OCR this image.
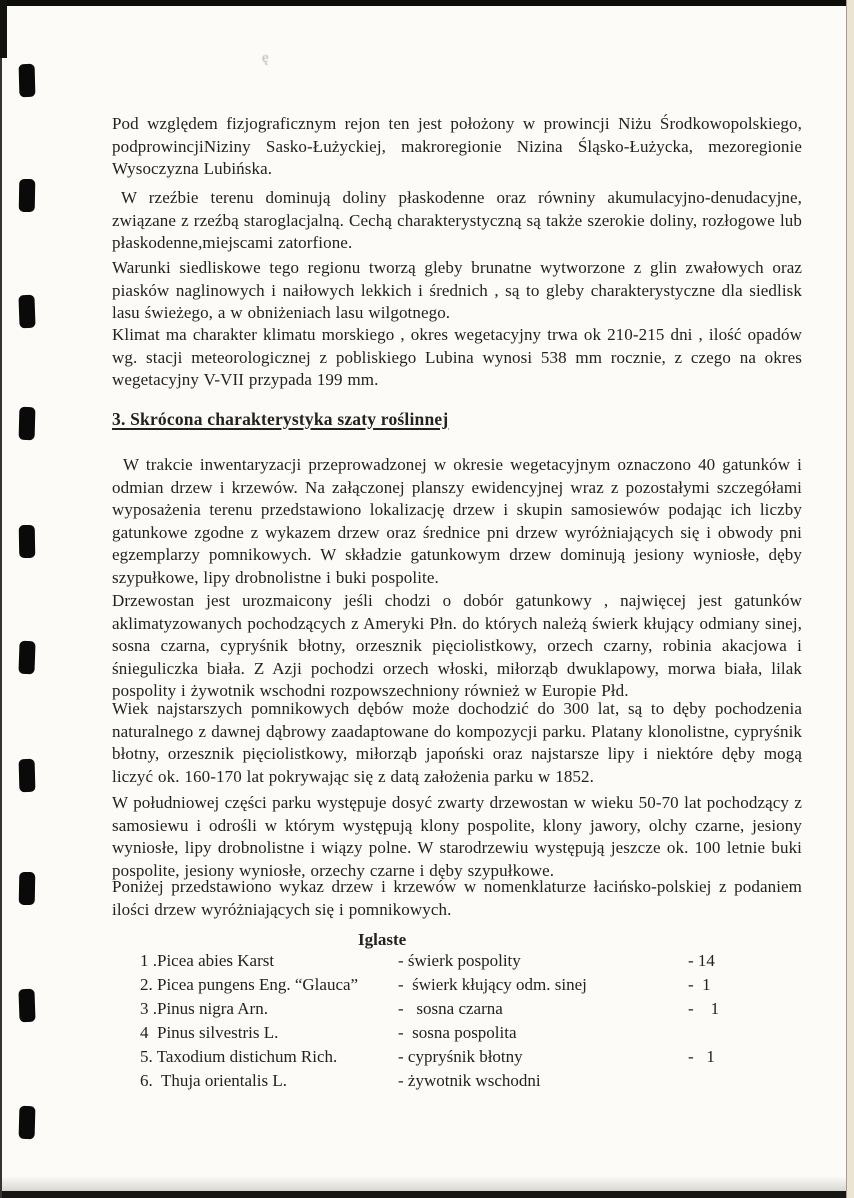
ę

Pod względem fizjograficznym rejon ten jest położony w prowincji Niżu Środkowopolskiego, podprowincjiNiziny Sasko-Łużyckiej, makroregionie Nizina Śląsko-Łużycka, mezoregionie Wysoczyzna Lubińska.

W rzeźbie terenu dominują doliny płaskodenne oraz równiny akumulacyjno-denudacyjne, związane z rzeźbą staroglacjalną. Cechą charakterystyczną są także szerokie doliny, rozłogowe lub płaskodenne,miejscami zatorfione.

Warunki siedliskowe tego regionu tworzą gleby brunatne wytworzone z glin zwałowych oraz piasków naglinowych i naiłowych lekkich i średnich , są to gleby charakterystyczne dla siedlisk lasu świeżego, a w obniżeniach lasu wilgotnego.

Klimat ma charakter klimatu morskiego , okres wegetacyjny trwa ok 210-215 dni , ilość opadów wg. stacji meteorologicznej z pobliskiego Lubina wynosi 538 mm rocznie, z czego na okres wegetacyjny V-VII przypada 199 mm.

3. Skrócona charakterystyka szaty roślinnej

W trakcie inwentaryzacji przeprowadzonej w okresie wegetacyjnym oznaczono 40 gatunków i odmian drzew i krzewów. Na załączonej planszy ewidencyjnej wraz z pozostałymi szczegółami wyposażenia terenu przedstawiono lokalizację drzew i skupin samosiewów podając ich liczby gatunkowe zgodne z wykazem drzew oraz średnice pni drzew wyróżniających się i obwody pni egzemplarzy pomnikowych. W składzie gatunkowym drzew dominują jesiony wyniosłe, dęby szypułkowe, lipy drobnolistne i buki pospolite.

Drzewostan jest urozmaicony jeśli chodzi o dobór gatunkowy , najwięcej jest gatunków aklimatyzowanych pochodzących z Ameryki Płn. do których należą świerk kłujący odmiany sinej, sosna czarna, cypryśnik błotny, orzesznik pięciolistkowy, orzech czarny, robinia akacjowa i śnieguliczka biała. Z Azji pochodzi orzech włoski, miłorząb dwuklapowy, morwa biała, lilak pospolity i żywotnik wschodni rozpowszechniony również w Europie Płd.

Wiek najstarszych pomnikowych dębów może dochodzić do 300 lat, są to dęby pochodzenia naturalnego z dawnej dąbrowy zaadaptowane do kompozycji parku. Platany klonolistne, cypryśnik błotny, orzesznik pięciolistkowy, miłorząb japoński oraz najstarsze lipy i niektóre dęby mogą liczyć ok. 160-170 lat pokrywając się z datą założenia parku w 1852.

W południowej części parku występuje dosyć zwarty drzewostan w wieku 50-70 lat pochodzący z samosiewu i odrośli w którym występują klony pospolite, klony jawory, olchy czarne, jesiony wyniosłe, lipy drobnolistne i wiązy polne. W starodrzewiu występują jeszcze ok. 100 letnie buki pospolite, jesiony wyniosłe, orzechy czarne i dęby szypułkowe.

Poniżej przedstawiono wykaz drzew i krzewów w nomenklaturze łacińsko-polskiej z podaniem ilości drzew wyróżniających się i pomnikowych.

Iglaste
1 .Picea abies Karst	- świerk pospolity	- 14
2. Picea pungens Eng. “Glauca”	-  świerk kłujący odm. sinej	-  1
3 .Pinus nigra Arn.	-   sosna czarna	-    1
4  Pinus silvestris L.	-  sosna pospolita
5. Taxodium distichum Rich.	- cypryśnik błotny	-   1
6.  Thuja orientalis L.	- żywotnik wschodni
